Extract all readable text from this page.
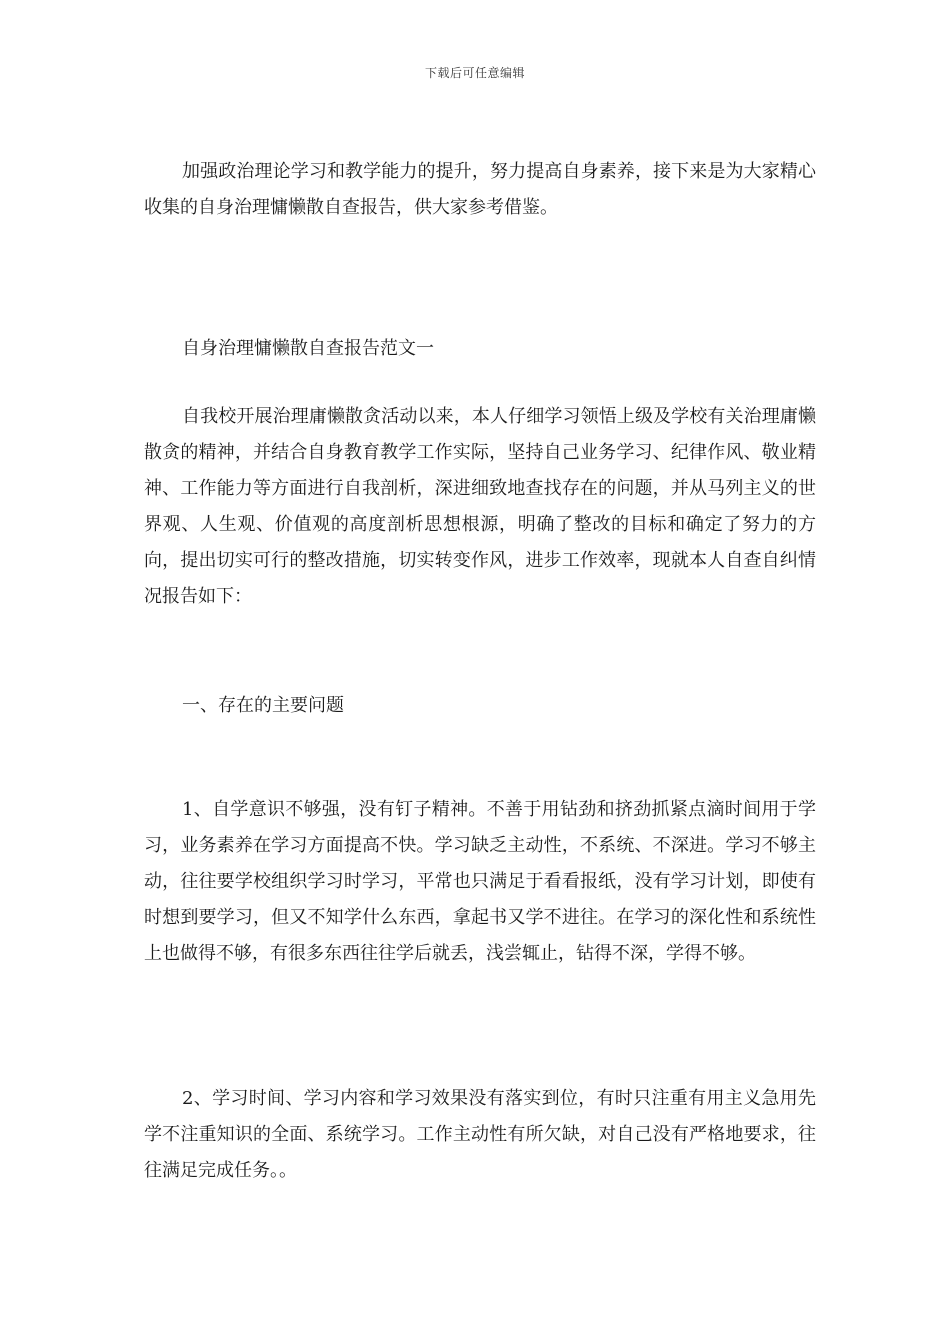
下载后可任意编辑

加强政治理论学习和教学能力的提升，努力提高自身素养，接下来是为大家精心收集的自身治理慵懒散自查报告，供大家参考借鉴。

自身治理慵懒散自查报告范文一

自我校开展治理庸懒散贪活动以来，本人仔细学习领悟上级及学校有关治理庸懒散贪的精神，并结合自身教育教学工作实际，坚持自己业务学习、纪律作风、敬业精神、工作能力等方面进行自我剖析，深进细致地查找存在的问题，并从马列主义的世界观、人生观、价值观的高度剖析思想根源，明确了整改的目标和确定了努力的方向，提出切实可行的整改措施，切实转变作风，进步工作效率，现就本人自查自纠情况报告如下：

一、存在的主要问题

1、自学意识不够强，没有钉子精神。不善于用钻劲和挤劲抓紧点滴时间用于学习，业务素养在学习方面提高不快。学习缺乏主动性，不系统、不深进。学习不够主动，往往要学校组织学习时学习，平常也只满足于看看报纸，没有学习计划，即使有时想到要学习，但又不知学什么东西，拿起书又学不进往。在学习的深化性和系统性上也做得不够，有很多东西往往学后就丢，浅尝辄止，钻得不深，学得不够。

2、学习时间、学习内容和学习效果没有落实到位，有时只注重有用主义急用先学不注重知识的全面、系统学习。工作主动性有所欠缺，对自己没有严格地要求，往往满足完成任务。。
